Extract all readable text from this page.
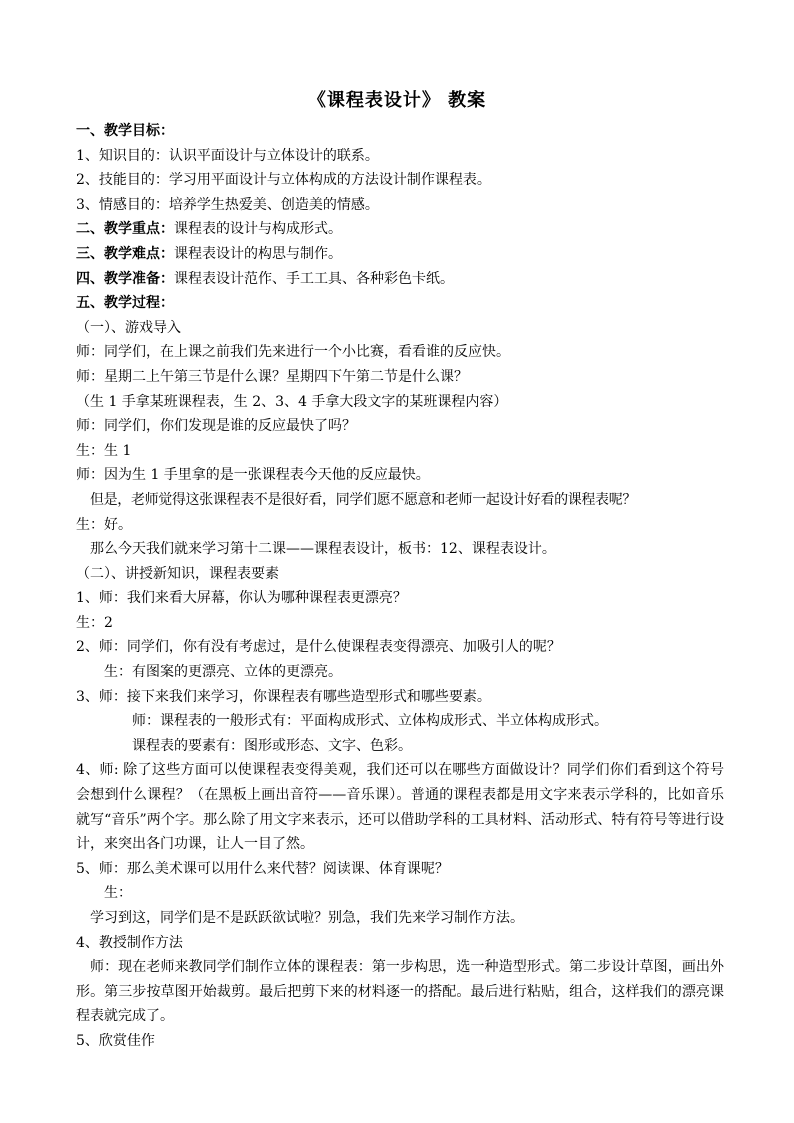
《课程表设计》 教案
一、教学目标：
1、知识目的：认识平面设计与立体设计的联系。
2、技能目的：学习用平面设计与立体构成的方法设计制作课程表。
3、情感目的：培养学生热爱美、创造美的情感。
二、教学重点：课程表的设计与构成形式。
三、教学难点：课程表设计的构思与制作。
四、教学准备：课程表设计范作、手工工具、各种彩色卡纸。
五、教学过程：
（一）、游戏导入
师：同学们，在上课之前我们先来进行一个小比赛，看看谁的反应快。
师：星期二上午第三节是什么课？星期四下午第二节是什么课？
（生 1 手拿某班课程表，生 2、3、4 手拿大段文字的某班课程内容）
师：同学们，你们发现是谁的反应最快了吗？
生：生 1
师：因为生 1 手里拿的是一张课程表今天他的反应最快。
但是，老师觉得这张课程表不是很好看，同学们愿不愿意和老师一起设计好看的课程表呢？
生：好。
那么今天我们就来学习第十二课——课程表设计，板书：12、课程表设计。
（二）、讲授新知识，课程表要素
1、师：我们来看大屏幕，你认为哪种课程表更漂亮？
生：2
2、师：同学们，你有没有考虑过，是什么使课程表变得漂亮、加吸引人的呢？
生：有图案的更漂亮、立体的更漂亮。
3、师：接下来我们来学习，你课程表有哪些造型形式和哪些要素。
师：课程表的一般形式有：平面构成形式、立体构成形式、半立体构成形式。
课程表的要素有：图形或形态、文字、色彩。
4、师: 除了这些方面可以使课程表变得美观，我们还可以在哪些方面做设计？同学们你们看到这个符号会想到什么课程？（在黑板上画出音符——音乐课）。普通的课程表都是用文字来表示学科的，比如音乐就写“音乐”两个字。那么除了用文字来表示，还可以借助学科的工具材料、活动形式、特有符号等进行设计，来突出各门功课，让人一目了然。
5、师：那么美术课可以用什么来代替？阅读课、体育课呢？
生：
学习到这，同学们是不是跃跃欲试啦？别急，我们先来学习制作方法。
4、教授制作方法
师：现在老师来教同学们制作立体的课程表：第一步构思，选一种造型形式。第二步设计草图，画出外形。第三步按草图开始裁剪。最后把剪下来的材料逐一的搭配。最后进行粘贴，组合，这样我们的漂亮课程表就完成了。
5、欣赏佳作
